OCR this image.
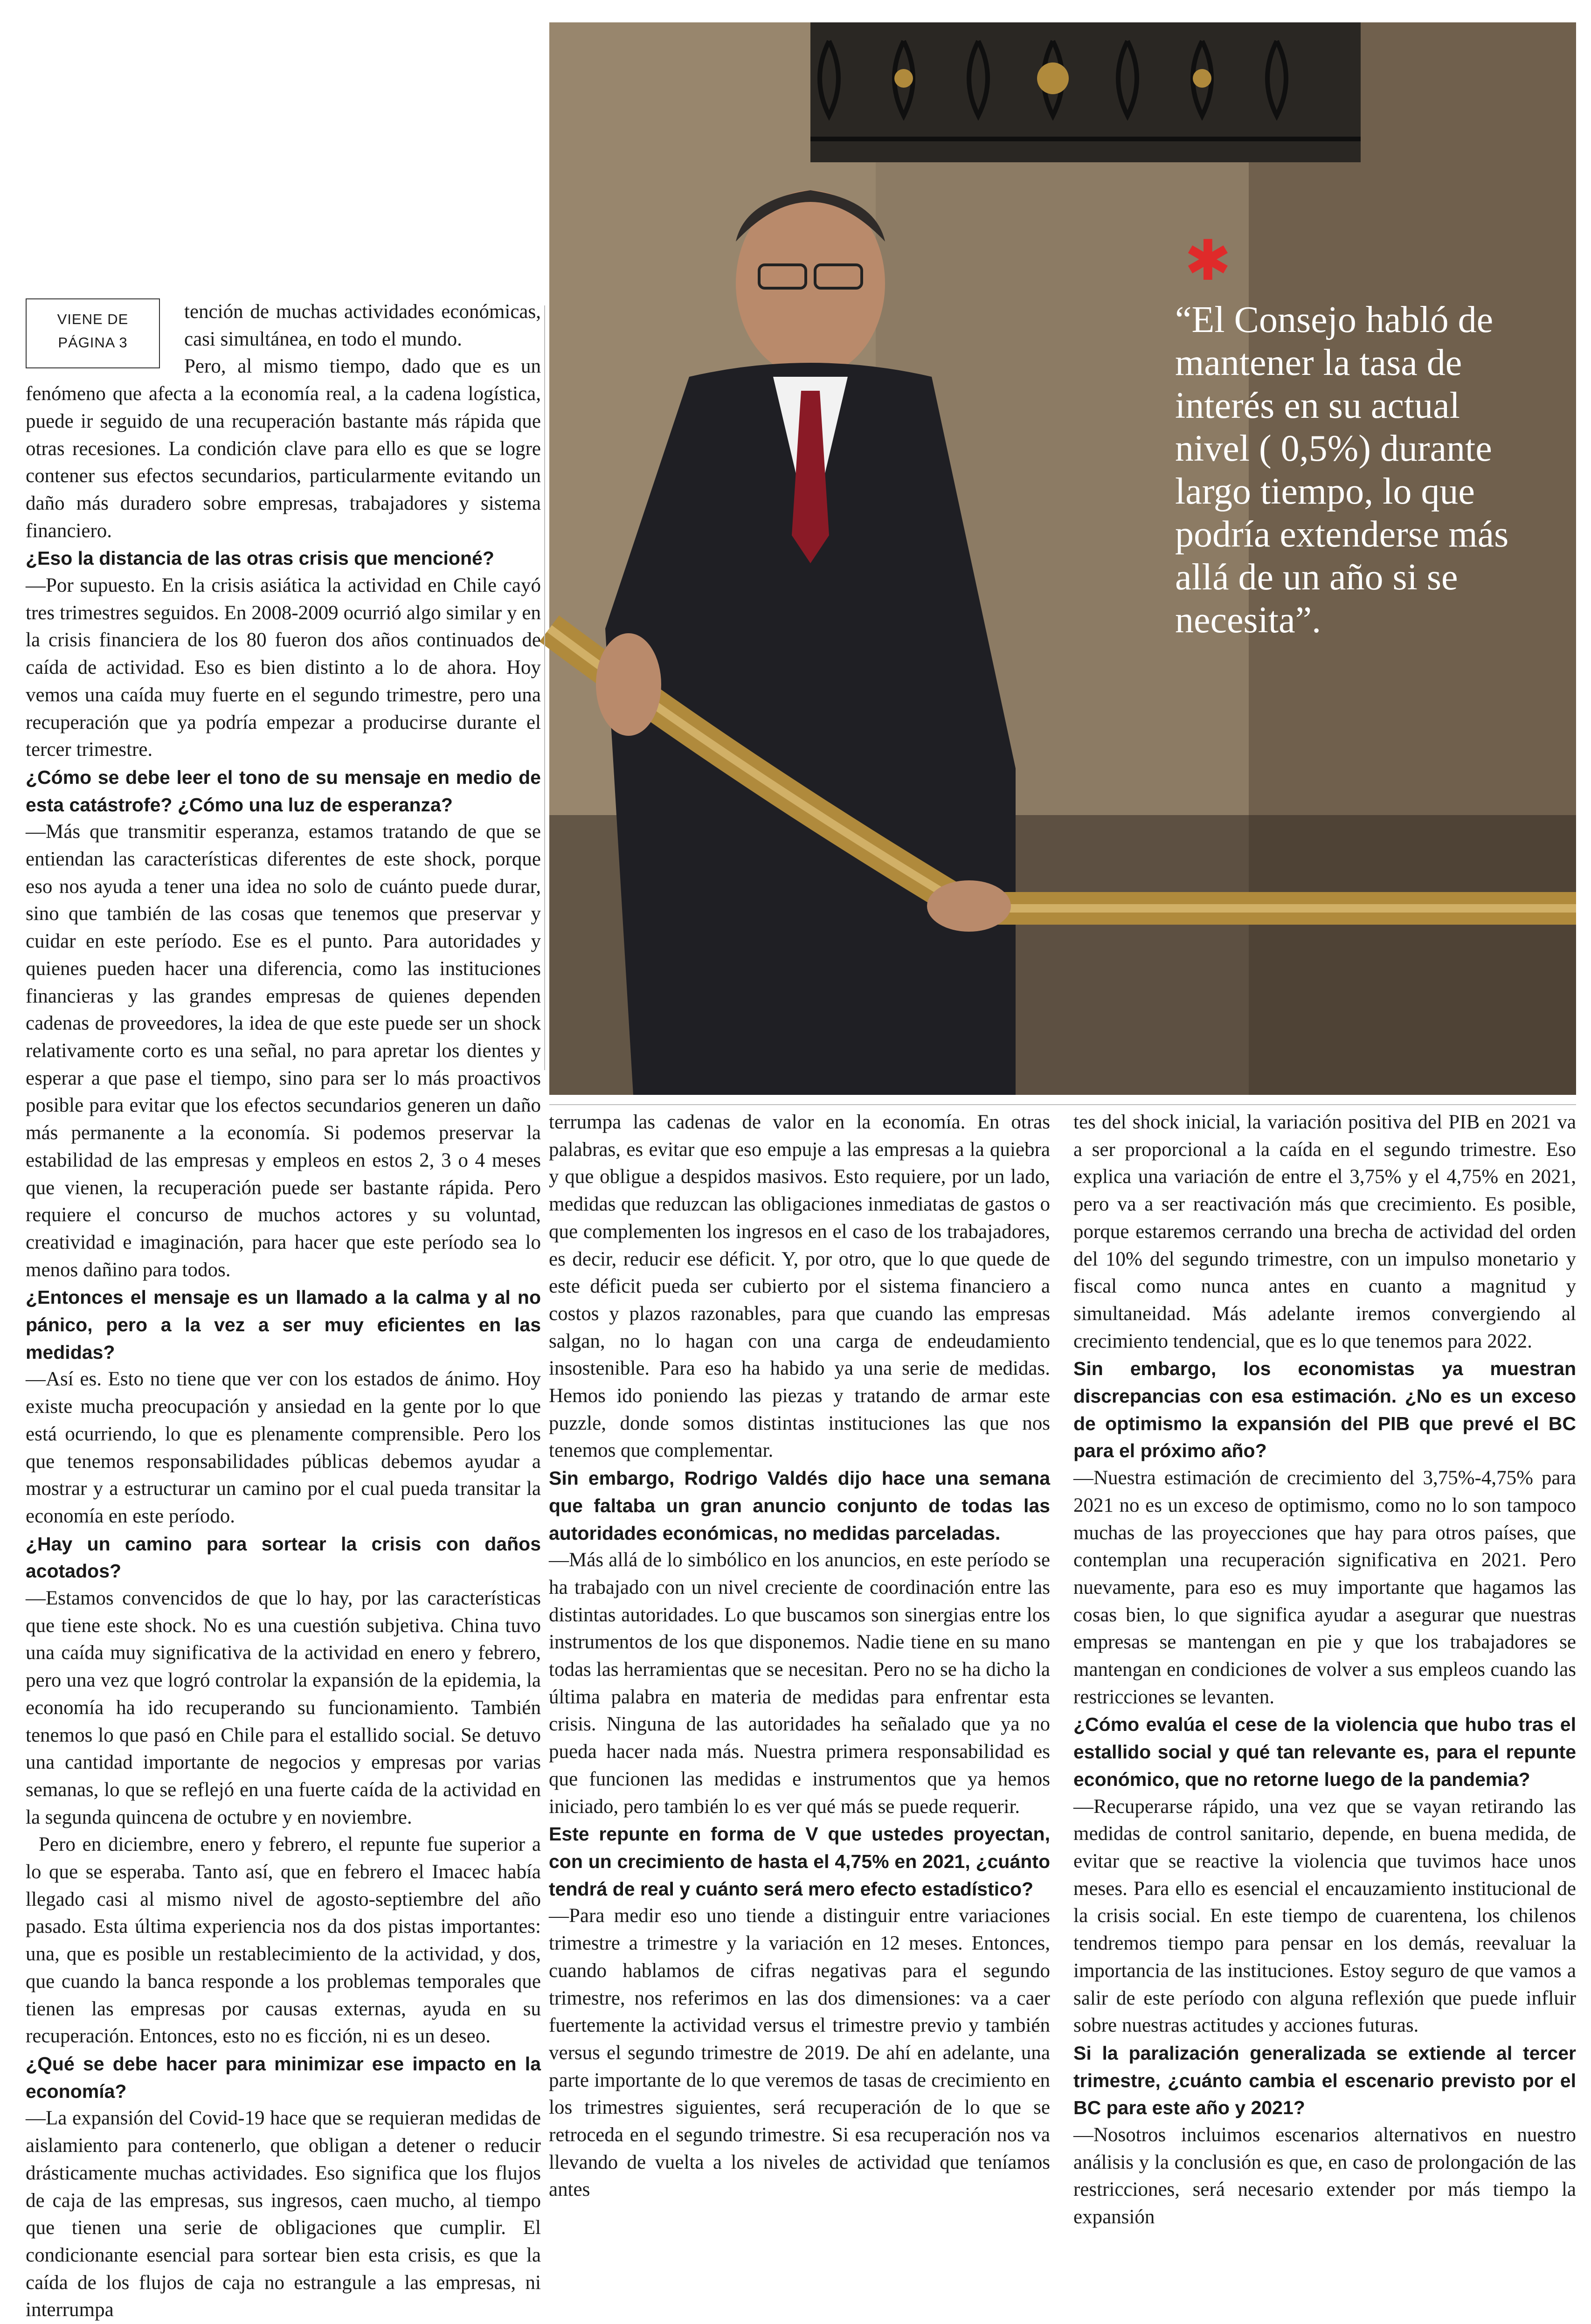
✱
“El Consejo habló de mantener la tasa de interés en su actual nivel ( 0,5%) durante largo tiempo, lo que podría extenderse más allá de un año si se necesita”.
VIENE DE
PÁGINA 3

tención de muchas actividades económicas, casi simultánea, en todo el mundo.

Pero, al mismo tiempo, dado que es un fenómeno que afecta a la economía real, a la cadena logística, puede ir seguido de una recuperación bastante más rápida que otras recesiones. La condición clave para ello es que se logre contener sus efectos secundarios, particularmente evitando un daño más duradero sobre empresas, trabajadores y sistema financiero.

¿Eso la distancia de las otras crisis que mencioné?

—Por supuesto. En la crisis asiática la actividad en Chile cayó tres trimestres seguidos. En 2008-2009 ocurrió algo similar y en la crisis financiera de los 80 fueron dos años continuados de caída de actividad. Eso es bien distinto a lo de ahora. Hoy vemos una caída muy fuerte en el segundo trimestre, pero una recuperación que ya podría empezar a producirse durante el tercer trimestre.

¿Cómo se debe leer el tono de su mensaje en medio de esta catástrofe? ¿Cómo una luz de esperanza?

—Más que transmitir esperanza, estamos tratando de que se entiendan las características diferentes de este shock, porque eso nos ayuda a tener una idea no solo de cuánto puede durar, sino que también de las cosas que tenemos que preservar y cuidar en este período. Ese es el punto. Para autoridades y quienes pueden hacer una diferencia, como las instituciones financieras y las grandes empresas de quienes dependen cadenas de proveedores, la idea de que este puede ser un shock relativamente corto es una señal, no para apretar los dientes y esperar a que pase el tiempo, sino para ser lo más proactivos posible para evitar que los efectos secundarios generen un daño más permanente a la economía. Si podemos preservar la estabilidad de las empresas y empleos en estos 2, 3 o 4 meses que vienen, la recuperación puede ser bastante rápida. Pero requiere el concurso de muchos actores y su voluntad, creatividad e imaginación, para hacer que este período sea lo menos dañino para todos.

¿Entonces el mensaje es un llamado a la calma y al no pánico, pero a la vez a ser muy eficientes en las medidas?

—Así es. Esto no tiene que ver con los estados de ánimo. Hoy existe mucha preocupación y ansiedad en la gente por lo que está ocurriendo, lo que es plenamente comprensible. Pero los que tenemos responsabilidades públicas debemos ayudar a mostrar y a estructurar un camino por el cual pueda transitar la economía en este período.

¿Hay un camino para sortear la crisis con daños acotados?

—Estamos convencidos de que lo hay, por las características que tiene este shock. No es una cuestión subjetiva. China tuvo una caída muy significativa de la actividad en enero y febrero, pero una vez que logró controlar la expansión de la epidemia, la economía ha ido recuperando su funcionamiento. También tenemos lo que pasó en Chile para el estallido social. Se detuvo una cantidad importante de negocios y empresas por varias semanas, lo que se reflejó en una fuerte caída de la actividad en la segunda quincena de octubre y en noviembre.

Pero en diciembre, enero y febrero, el repunte fue superior a lo que se esperaba. Tanto así, que en febrero el Imacec había llegado casi al mismo nivel de agosto-septiembre del año pasado. Esta última experiencia nos da dos pistas importantes: una, que es posible un restablecimiento de la actividad, y dos, que cuando la banca responde a los problemas temporales que tienen las empresas por causas externas, ayuda en su recuperación. Entonces, esto no es ficción, ni es un deseo.

¿Qué se debe hacer para minimizar ese impacto en la economía?

—La expansión del Covid-19 hace que se requieran medidas de aislamiento para contenerlo, que obligan a detener o reducir drásticamente muchas actividades. Eso significa que los flujos de caja de las empresas, sus ingresos, caen mucho, al tiempo que tienen una serie de obligaciones que cumplir. El condicionante esencial para sortear bien esta crisis, es que la caída de los flujos de caja no estrangule a las empresas, ni interrumpa

terrumpa las cadenas de valor en la economía. En otras palabras, es evitar que eso empuje a las empresas a la quiebra y que obligue a despidos masivos. Esto requiere, por un lado, medidas que reduzcan las obligaciones inmediatas de gastos o que complementen los ingresos en el caso de los trabajadores, es decir, reducir ese déficit. Y, por otro, que lo que quede de este déficit pueda ser cubierto por el sistema financiero a costos y plazos razonables, para que cuando las empresas salgan, no lo hagan con una carga de endeudamiento insostenible. Para eso ha habido ya una serie de medidas. Hemos ido poniendo las piezas y tratando de armar este puzzle, donde somos distintas instituciones las que nos tenemos que complementar.

Sin embargo, Rodrigo Valdés dijo hace una semana que faltaba un gran anuncio conjunto de todas las autoridades económicas, no medidas parceladas.

—Más allá de lo simbólico en los anuncios, en este período se ha trabajado con un nivel creciente de coordinación entre las distintas autoridades. Lo que buscamos son sinergias entre los instrumentos de los que disponemos. Nadie tiene en su mano todas las herramientas que se necesitan. Pero no se ha dicho la última palabra en materia de medidas para enfrentar esta crisis. Ninguna de las autoridades ha señalado que ya no pueda hacer nada más. Nuestra primera responsabilidad es que funcionen las medidas e instrumentos que ya hemos iniciado, pero también lo es ver qué más se puede requerir.

Este repunte en forma de V que ustedes proyectan, con un crecimiento de hasta el 4,75% en 2021, ¿cuánto tendrá de real y cuánto será mero efecto estadístico?

—Para medir eso uno tiende a distinguir entre variaciones trimestre a trimestre y la variación en 12 meses. Entonces, cuando hablamos de cifras negativas para el segundo trimestre, nos referimos en las dos dimensiones: va a caer fuertemente la actividad versus el trimestre previo y también versus el segundo trimestre de 2019. De ahí en adelante, una parte importante de lo que veremos de tasas de crecimiento en los trimestres siguientes, será recuperación de lo que se retroceda en el segundo trimestre. Si esa recuperación nos va llevando de vuelta a los niveles de actividad que teníamos antes

tes del shock inicial, la variación positiva del PIB en 2021 va a ser proporcional a la caída en el segundo trimestre. Eso explica una variación de entre el 3,75% y el 4,75% en 2021, pero va a ser reactivación más que crecimiento. Es posible, porque estaremos cerrando una brecha de actividad del orden del 10% del segundo trimestre, con un impulso monetario y fiscal como nunca antes en cuanto a magnitud y simultaneidad. Más adelante iremos convergiendo al crecimiento tendencial, que es lo que tenemos para 2022.

Sin embargo, los economistas ya muestran discrepancias con esa estimación. ¿No es un exceso de optimismo la expansión del PIB que prevé el BC para el próximo año?

—Nuestra estimación de crecimiento del 3,75%-4,75% para 2021 no es un exceso de optimismo, como no lo son tampoco muchas de las proyecciones que hay para otros países, que contemplan una recuperación significativa en 2021. Pero nuevamente, para eso es muy importante que hagamos las cosas bien, lo que significa ayudar a asegurar que nuestras empresas se mantengan en pie y que los trabajadores se mantengan en condiciones de volver a sus empleos cuando las restricciones se levanten.

¿Cómo evalúa el cese de la violencia que hubo tras el estallido social y qué tan relevante es, para el repunte económico, que no retorne luego de la pandemia?

—Recuperarse rápido, una vez que se vayan retirando las medidas de control sanitario, depende, en buena medida, de evitar que se reactive la violencia que tuvimos hace unos meses. Para ello es esencial el encauzamiento institucional de la crisis social. En este tiempo de cuarentena, los chilenos tendremos tiempo para pensar en los demás, reevaluar la importancia de las instituciones. Estoy seguro de que vamos a salir de este período con alguna reflexión que puede influir sobre nuestras actitudes y acciones futuras.

Si la paralización generalizada se extiende al tercer trimestre, ¿cuánto cambia el escenario previsto por el BC para este año y 2021?

—Nosotros incluimos escenarios alternativos en nuestro análisis y la conclusión es que, en caso de prolongación de las restricciones, será necesario extender por más tiempo la expansión
